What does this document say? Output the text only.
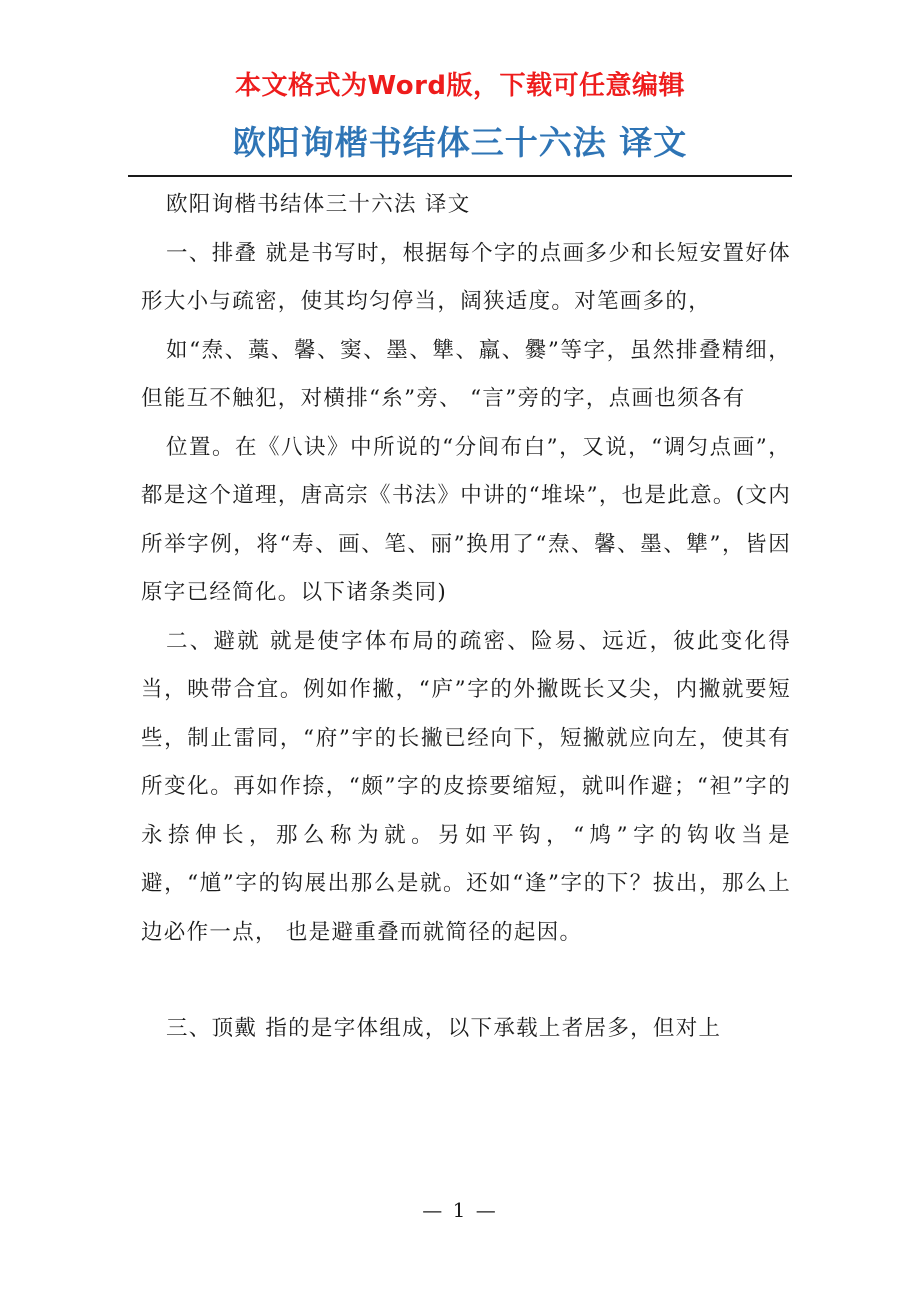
本文格式为Word版，下载可任意编辑
欧阳询楷书结体三十六法 译文

欧阳询楷书结体三十六法 译文

一、排叠 就是书写时，根据每个字的点画多少和长短安置好体形大小与疏密，使其均匀停当，阔狭适度。对笔画多的，

如“焘、藁、馨、窦、墨、犨、羸、爨”等字，虽然排叠精细，但能互不触犯，对横排“糸”旁、 “言”旁的字，点画也须各有

位置。在《八诀》中所说的“分间布白”，又说，“调匀点画”，都是这个道理，唐高宗《书法》中讲的“堆垛”，也是此意。(文内所举字例，将“寿、画、笔、丽”换用了“焘、馨、墨、犨”，皆因原字已经简化。以下诸条类同)

二、避就 就是使字体布局的疏密、险易、远近，彼此变化得当，映带合宜。例如作撇，“庐”字的外撇既长又尖，内撇就要短些，制止雷同，“府”宇的长撇已经向下，短撇就应向左，使其有所变化。再如作捺，“颇”字的皮捺要缩短，就叫作避；“袒”字的永捺伸长，那么称为就。另如平钩，“鸠”字的钩收当是避，“馗”字的钩展出那么是就。还如“逢”字的下？拔出，那么上边必作一点， 也是避重叠而就简径的起因。

三、顶戴 指的是字体组成，以下承载上者居多，但对上

— 1 —
